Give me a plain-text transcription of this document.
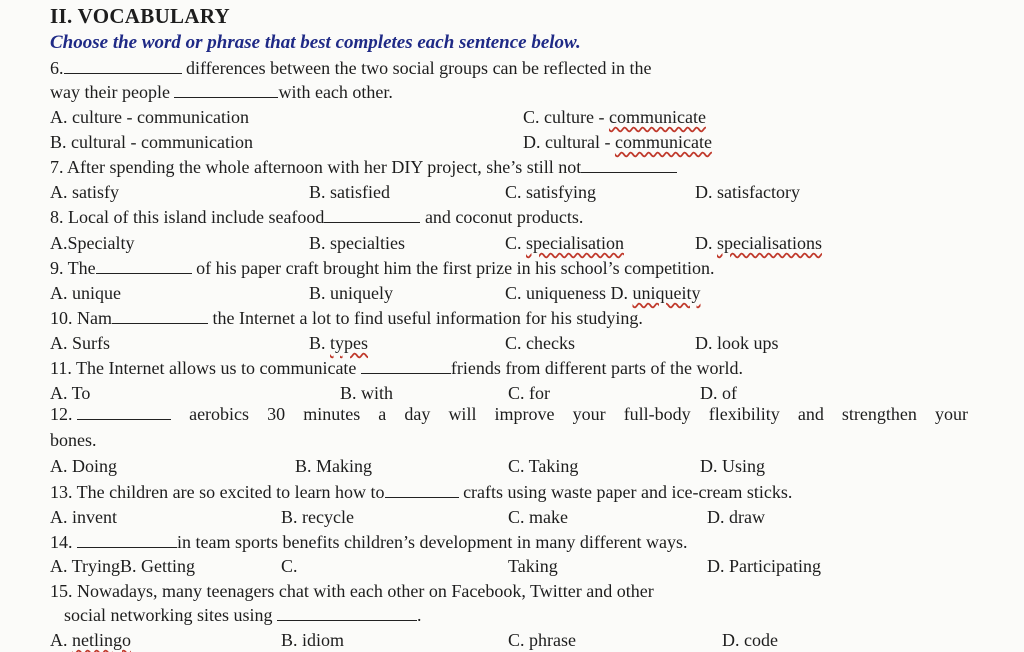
II. VOCABULARY
Choose the word or phrase that best completes each sentence below.
6.	differences between the two social groups can be reflected in the
way their people	with each other.
A. culture - communication	C. culture - communicate
B. cultural - communication	D. cultural - communicate
7. After spending the whole afternoon with her DIY project, she’s still not
A. satisfy	B. satisfied	C. satisfying	D. satisfactory
8. Local of this island include seafood	and coconut products.
A.Specialty	B. specialties	C. specialisation	D. specialisations
9. The	of his paper craft brought him the first prize in his school’s competition.
A. unique	B. uniquely	C. uniqueness D. uniqueity
10. Nam	the Internet a lot to find useful information for his studying.
A. Surfs	B. types	C. checks	D. look ups
11. The Internet allows us to communicate	friends from different parts of the world.
A. To	B. with	C. for	D. of
12.	aerobics 30 minutes a day will improve your full-body flexibility and strengthen your
bones.
A. Doing	B. Making	C. Taking	D. Using
13. The children are so excited to learn how to	crafts using waste paper and ice-cream sticks.
A. invent	B. recycle	C. make	D. draw
14.	in team sports benefits children’s development in many different ways.
A. TryingB. Getting	C.	Taking	D. Participating
15. Nowadays, many teenagers chat with each other on Facebook, Twitter and other
social networking sites using	.
A. netlingo	B. idiom	C. phrase	D. code
